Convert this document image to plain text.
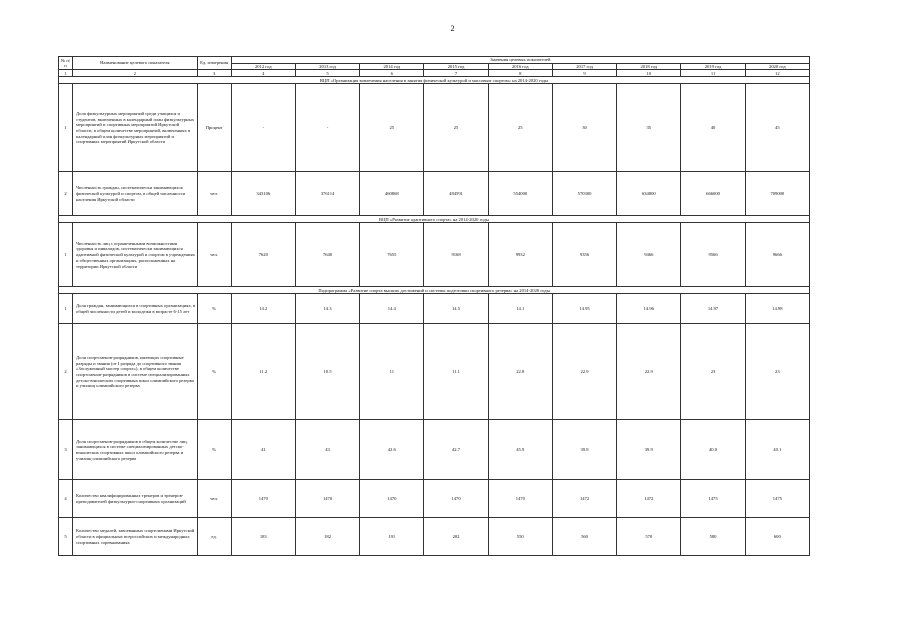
2
№ п/п	Наименование целевого показателя	Ед. измерения	Значения целевых показателей								
			2012 год	2013 год	2014 год	2015 год	2016 год	2017 год	2018 год	2019 год	2020 год
1	2	3	4	5	6	7	8	9	10	11	12
ВЦП «Организация вовлечения населения в занятия физической культурой и массовым спортом» на 2014-2020 годы											
1	Доля физкультурных мероприятий среди учащихся и студентов, включенных в календарный план физкультурных мероприятий и спортивных мероприятий Иркутской области, в общем количестве мероприятий, включенных в календарный план физкультурных мероприятий и спортивных мероприятий Иркутской области	Процент	-	-	25	25	25	30	35	40	45
2	Численность граждан, систематически занимающихся физической культурой и спортом, в общей численности населения Иркутской области	чел.	343106	376114	460868	484591	554000	570300	634800	666000	709000
ВЦП «Развитие адаптивного спорта» на 2014-2020 годы											
1	Численность лиц с ограниченными возможностями здоровья и инвалидов, систематически занимающихся адаптивной физической культурой и спортом в учреждениях и общественных организациях, расположенных на территории Иркутской области	чел.	7620	7640	7655	9168	9932	9356	9466	9566	9666
Подпрограмма «Развитие спорта высших достижений и системы подготовки спортивного резерва» на 2014-2020 годы											
1	Доля граждан, занимающихся в спортивных организациях, в общей численности детей и молодежи в возрасте 6-15 лет	%	14.2	14.3	14.4	14.5	14.1	14.95	14.96	14.97	14.98
2	Доля спортсменов-разрядников, имеющих спортивные разряды и звания (от I разряда до спортивного звания «Заслуженный мастер спорта»), в общем количестве спортсменов-разрядников в системе специализированных детско-юношеских спортивных школ олимпийского резерва и училищ олимпийского резерва	%	11.2	10.5	11	11.1	22.8	22.9	22.9	23	23
3	Доля спортсменов-разрядников в общем количестве лиц, занимающихся в системе специализированных детско-юношеских спортивных школ олимпийского резерва и училищ олимпийского резерва	%	41	43	42.6	42.7	45.9	39.8	39.9	40.0	40.1
4	Количество квалифицированных тренеров и тренеров-преподавателей физкультурно-спортивных организаций	чел.	1470	1470	1470	1470	1470	1472	1472	1475	1475
5	Количество медалей, завоеванных спортсменами Иркутской области в официальных всероссийских и международных спортивных соревнованиях	ед.	183	182	191	202	550	560	570	580	600
